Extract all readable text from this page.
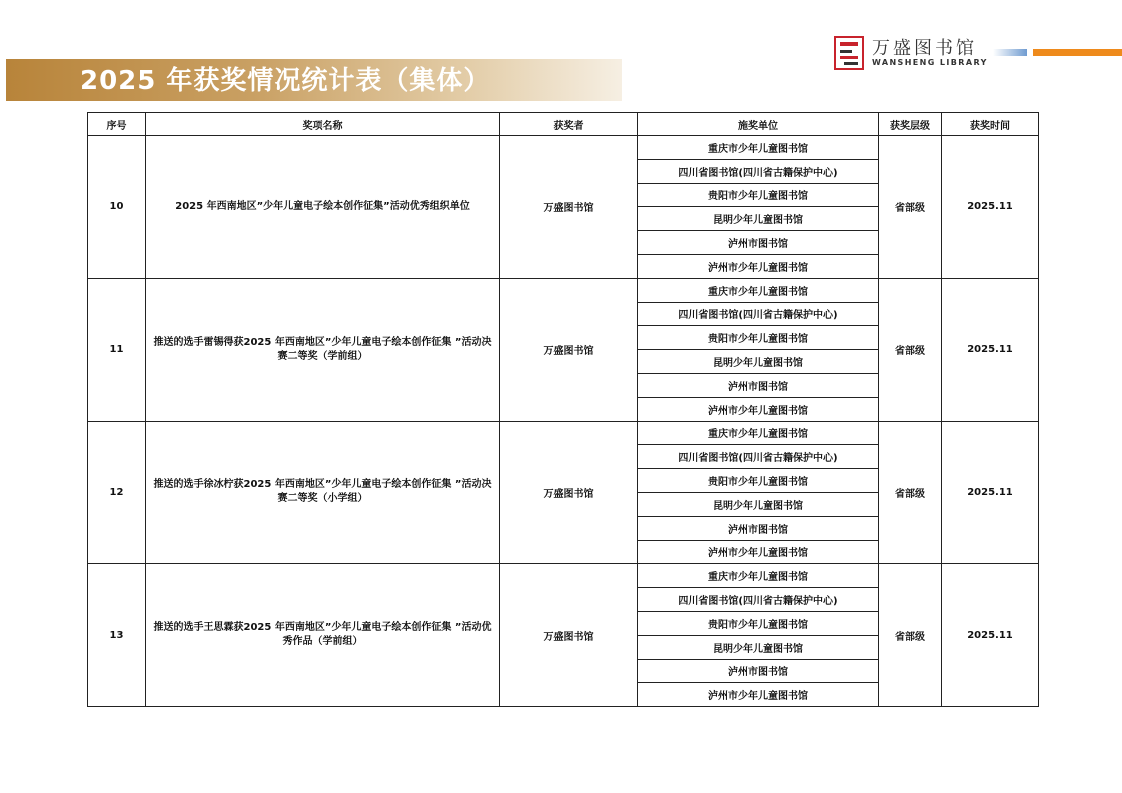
2025 年获奖情况统计表（集体）
万盛图书馆
WANSHENG LIBRARY
序号	奖项名称	获奖者	施奖单位	获奖层级	获奖时间
10	2025 年西南地区”少年儿童电子绘本创作征集”活动优秀组织单位	万盛图书馆	重庆市少年儿童图书馆	省部级	2025.11
			四川省图书馆(四川省古籍保护中心)		
			贵阳市少年儿童图书馆		
			昆明少年儿童图书馆		
			泸州市图书馆		
			泸州市少年儿童图书馆		
11	推送的选手雷锡得获2025 年西南地区”少年儿童电子绘本创作征集 ”活动决赛二等奖（学前组）	万盛图书馆	重庆市少年儿童图书馆	省部级	2025.11
			四川省图书馆(四川省古籍保护中心)		
			贵阳市少年儿童图书馆		
			昆明少年儿童图书馆		
			泸州市图书馆		
			泸州市少年儿童图书馆		
12	推送的选手徐冰柠获2025 年西南地区”少年儿童电子绘本创作征集 ”活动决赛二等奖（小学组）	万盛图书馆	重庆市少年儿童图书馆	省部级	2025.11
			四川省图书馆(四川省古籍保护中心)		
			贵阳市少年儿童图书馆		
			昆明少年儿童图书馆		
			泸州市图书馆		
			泸州市少年儿童图书馆		
13	推送的选手王思霖获2025 年西南地区”少年儿童电子绘本创作征集 ”活动优秀作品（学前组）	万盛图书馆	重庆市少年儿童图书馆	省部级	2025.11
			四川省图书馆(四川省古籍保护中心)		
			贵阳市少年儿童图书馆		
			昆明少年儿童图书馆		
			泸州市图书馆		
			泸州市少年儿童图书馆		
